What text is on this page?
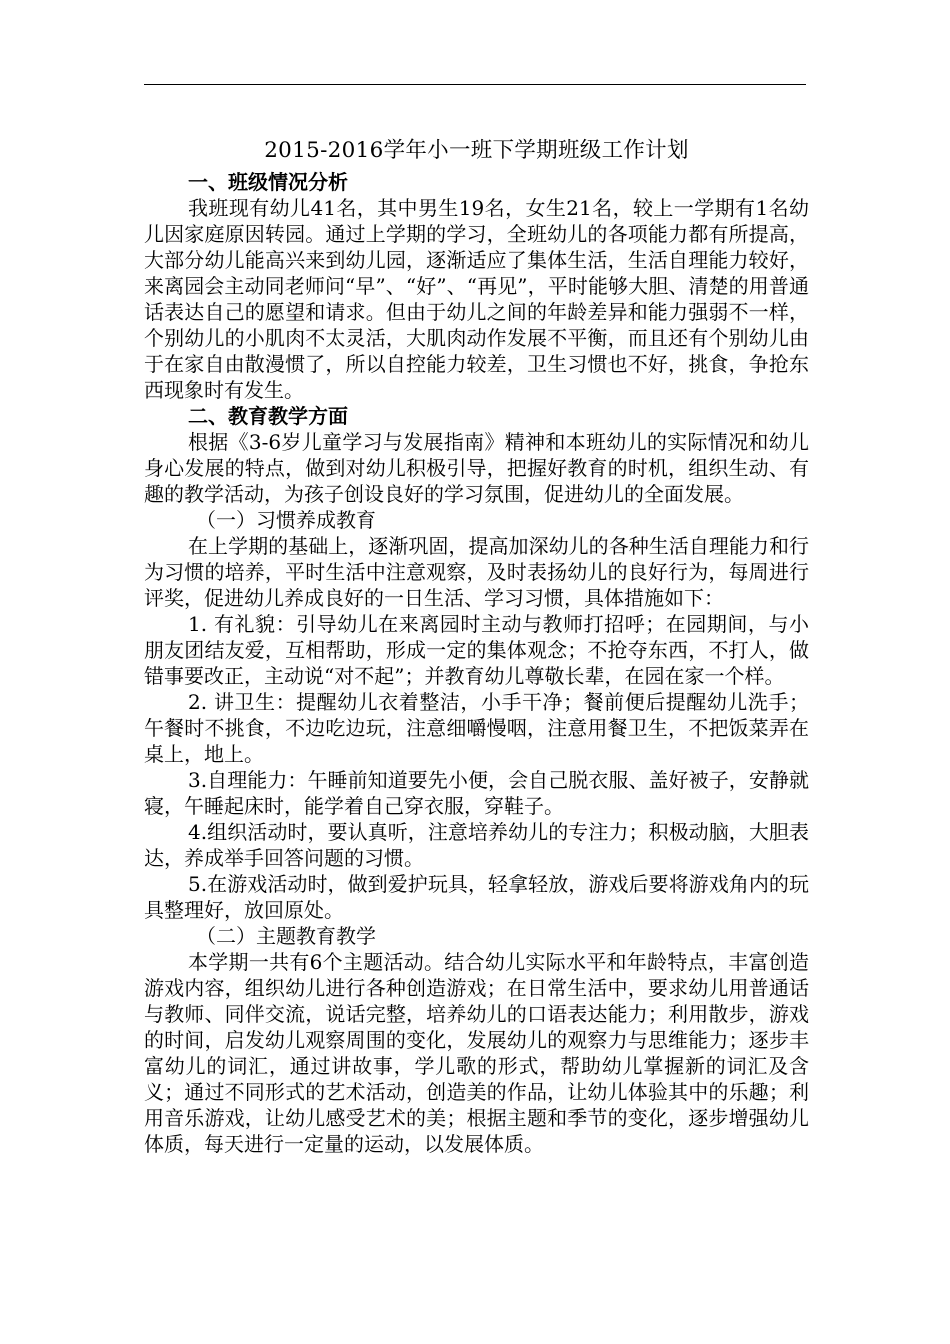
2015-2016学年小一班下学期班级工作计划

一、班级情况分析

我班现有幼儿41名，其中男生19名，女生21名，较上一学期有1名幼儿因家庭原因转园。通过上学期的学习，全班幼儿的各项能力都有所提高，大部分幼儿能高兴来到幼儿园，逐渐适应了集体生活，生活自理能力较好，来离园会主动同老师问“早”、“好”、“再见”，平时能够大胆、清楚的用普通话表达自己的愿望和请求。但由于幼儿之间的年龄差异和能力强弱不一样，个别幼儿的小肌肉不太灵活，大肌肉动作发展不平衡，而且还有个别幼儿由于在家自由散漫惯了，所以自控能力较差，卫生习惯也不好，挑食，争抢东西现象时有发生。

二、教育教学方面

根据《3-6岁儿童学习与发展指南》精神和本班幼儿的实际情况和幼儿身心发展的特点，做到对幼儿积极引导，把握好教育的时机，组织生动、有趣的教学活动，为孩子创设良好的学习氛围，促进幼儿的全面发展。

（一）习惯养成教育

在上学期的基础上，逐渐巩固，提高加深幼儿的各种生活自理能力和行为习惯的培养，平时生活中注意观察，及时表扬幼儿的良好行为，每周进行评奖，促进幼儿养成良好的一日生活、学习习惯，具体措施如下：

1. 有礼貌：引导幼儿在来离园时主动与教师打招呼；在园期间，与小朋友团结友爱，互相帮助，形成一定的集体观念；不抢夺东西，不打人，做错事要改正，主动说“对不起”；并教育幼儿尊敬长辈，在园在家一个样。

2. 讲卫生：提醒幼儿衣着整洁，小手干净；餐前便后提醒幼儿洗手；午餐时不挑食，不边吃边玩，注意细嚼慢咽，注意用餐卫生，不把饭菜弄在桌上，地上。

3.自理能力：午睡前知道要先小便，会自己脱衣服、盖好被子，安静就寝，午睡起床时，能学着自己穿衣服，穿鞋子。

4.组织活动时，要认真听，注意培养幼儿的专注力；积极动脑，大胆表达，养成举手回答问题的习惯。

5.在游戏活动时，做到爱护玩具，轻拿轻放，游戏后要将游戏角内的玩具整理好，放回原处。

（二）主题教育教学

本学期一共有6个主题活动。结合幼儿实际水平和年龄特点，丰富创造游戏内容，组织幼儿进行各种创造游戏；在日常生活中，要求幼儿用普通话与教师、同伴交流，说话完整，培养幼儿的口语表达能力；利用散步，游戏的时间，启发幼儿观察周围的变化，发展幼儿的观察力与思维能力；逐步丰富幼儿的词汇，通过讲故事，学儿歌的形式，帮助幼儿掌握新的词汇及含义；通过不同形式的艺术活动，创造美的作品，让幼儿体验其中的乐趣；利用音乐游戏，让幼儿感受艺术的美；根据主题和季节的变化，逐步增强幼儿体质，每天进行一定量的运动，以发展体质。
